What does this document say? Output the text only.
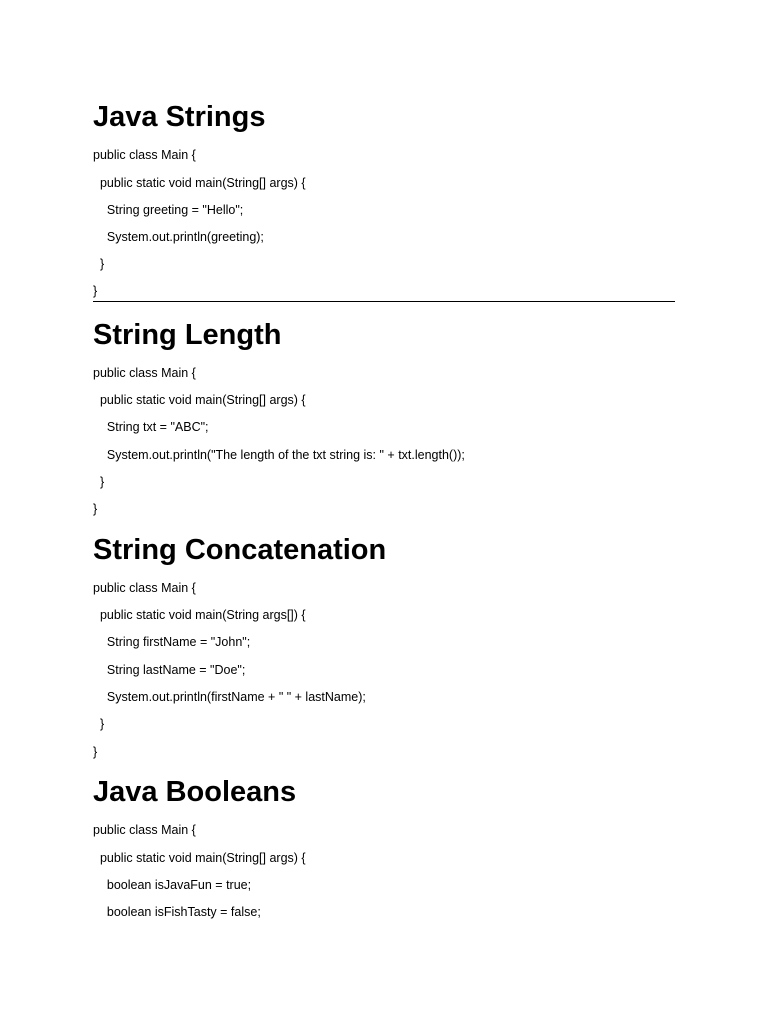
Java Strings
public class Main {
public static void main(String[] args) {
String greeting = "Hello";
System.out.println(greeting);
}
}
String Length
public class Main {
public static void main(String[] args) {
String txt = "ABC";
System.out.println("The length of the txt string is: " + txt.length());
}
}
String Concatenation
public class Main {
public static void main(String args[]) {
String firstName = "John";
String lastName = "Doe";
System.out.println(firstName + " " + lastName);
}
}
Java Booleans
public class Main {
public static void main(String[] args) {
boolean isJavaFun = true;
boolean isFishTasty = false;
